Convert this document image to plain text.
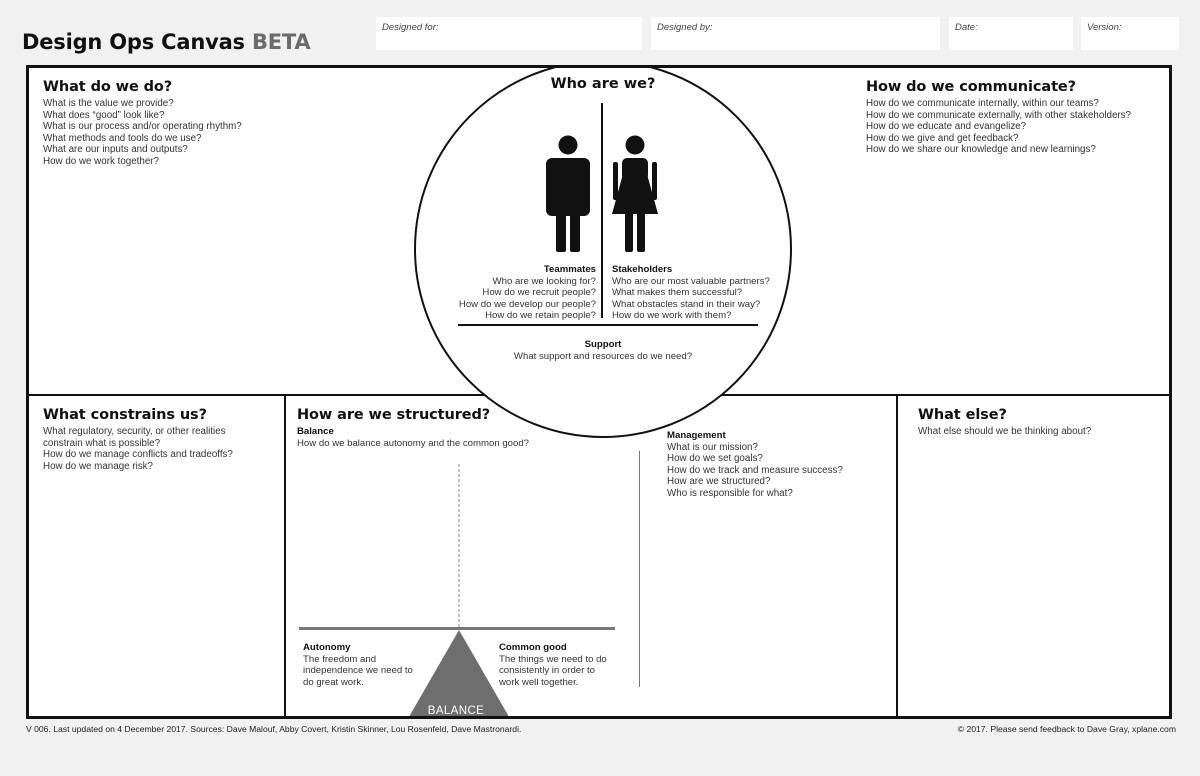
Design Ops Canvas BETA
Designed for:	Designed by:	Date:	Version:
What do we do?
What is the value we provide?
What does “good” look like?
What is our process and/or operating rhythm?
What methods and tools do we use?
What are our inputs and outputs?
How do we work together?
How do we communicate?
How do we communicate internally, within our teams?
How do we communicate externally, with other stakeholders?
How do we educate and evangelize?
How do we give and get feedback?
How do we share our knowledge and new learnings?
What constrains us?
What regulatory, security, or other realities
constrain what is possible?
How do we manage conflicts and tradeoffs?
How do we manage risk?
How are we structured?
Balance
How do we balance autonomy and the common good?
Management
What is our mission?
How do we set goals?
How do we track and measure success?
How are we structured?
Who is responsible for what?
BALANCE
Autonomy
The freedom and
independence we need to
do great work.
Common good
The things we need to do
consistently in order to
work well together.
What else?
What else should we be thinking about?
Who are we?
Teammates
Who are we looking for?
How do we recruit people?
How do we develop our people?
How do we retain people?
Stakeholders
Who are our most valuable partners?
What makes them successful?
What obstacles stand in their way?
How do we work with them?
Support
What support and resources do we need?
V 006. Last updated on 4 December 2017. Sources: Dave Malouf, Abby Covert, Kristin Skinner, Lou Rosenfeld, Dave Mastronardi.	© 2017. Please send feedback to Dave Gray, xplane.com
